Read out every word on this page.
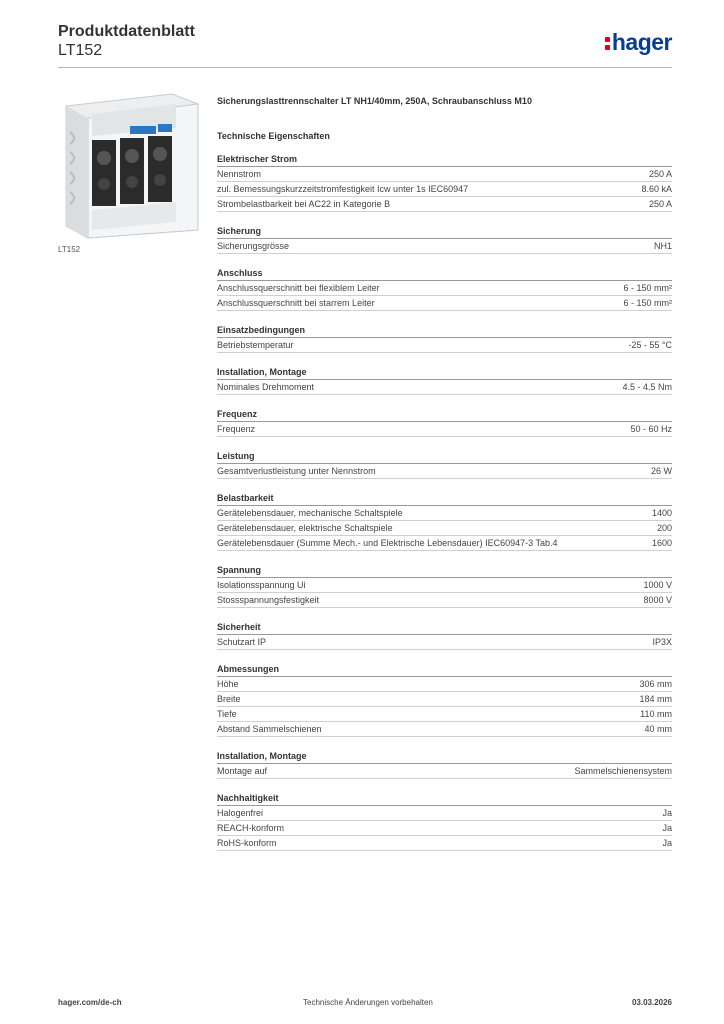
Produktdatenblatt
LT152	hager
LT152
Sicherungslasttrennschalter LT NH1/40mm, 250A, Schraubanschluss M10
Technische Eigenschaften
Elektrischer Strom
Nennstrom	250 A
zul. Bemessungskurzzeitstromfestigkeit Icw unter 1s IEC60947	8.60 kA
Strombelastbarkeit bei AC22 in Kategorie B	250 A
Sicherung
Sicherungsgrösse	NH1
Anschluss
Anschlussquerschnitt bei flexiblem Leiter	6 - 150 mm²
Anschlussquerschnitt bei starrem Leiter	6 - 150 mm²
Einsatzbedingungen
Betriebstemperatur	-25 - 55 °C
Installation, Montage
Nominales Drehmoment	4.5 - 4.5 Nm
Frequenz
Frequenz	50 - 60 Hz
Leistung
Gesamtverlustleistung unter Nennstrom	26 W
Belastbarkeit
Gerätelebensdauer, mechanische Schaltspiele	1400
Gerätelebensdauer, elektrische Schaltspiele	200
Gerätelebensdauer (Summe Mech.- und Elektrische Lebensdauer) IEC60947-3 Tab.4	1600
Spannung
Isolationsspannung Ui	1000 V
Stossspannungsfestigkeit	8000 V
Sicherheit
Schutzart IP	IP3X
Abmessungen
Höhe	306 mm
Breite	184 mm
Tiefe	110 mm
Abstand Sammelschienen	40 mm
Installation, Montage
Montage auf	Sammelschienensystem
Nachhaltigkeit
Halogenfrei	Ja
REACH-konform	Ja
RoHS-konform	Ja
hager.com/de-ch	Technische Änderungen vorbehalten	03.03.2026
